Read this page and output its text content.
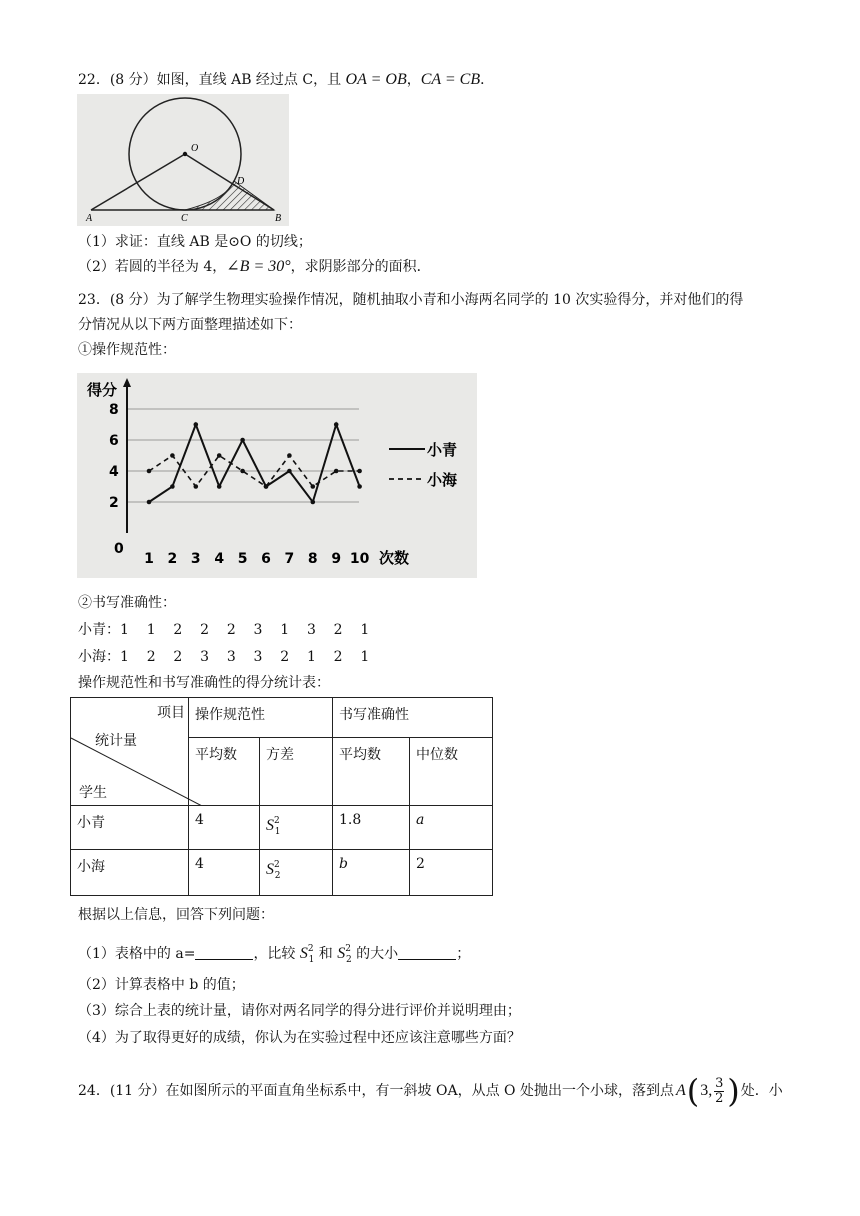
22．(8 分）如图，直线 AB 经过点 C，且 OA = OB，CA = CB．
O
D
A	C	B
（1）求证：直线 AB 是⊙O 的切线；
（2）若圆的半径为 4，∠B = 30°，求阴影部分的面积．
23．(8 分）为了解学生物理实验操作情况，随机抽取小青和小海两名同学的 10 次实验得分，并对他们的得
分情况从以下两方面整理描述如下：
①操作规范性：
得分
次数
0
2
4
6
8
1 2 3 4 5 6 7 8 9 10
小青
小海
②书写准确性：
小青：1    1    2    2    2    3    1    3    2    1
小海：1    2    2    3    3    3    2    1    2    1
操作规范性和书写准确性的得分统计表：
项目
统计量
学生	操作规范性		书写准确性	
	平均数	方差	平均数	中位数
小青	4	$S^2_1$	1.8	a
小海	4	$S^2_2$	b	2
根据以上信息，回答下列问题：
（1）表格中的 a=	，比较 $S^2_1$ 和 $S^2_2$ 的大小	；
（2）计算表格中 b 的值；
（3）综合上表的统计量，请你对两名同学的得分进行评价并说明理由；
（4）为了取得更好的成绩，你认为在实验过程中还应该注意哪些方面？
24．(11 分）在如图所示的平面直角坐标系中，有一斜坡 OA，从点 O 处抛出一个小球，落到点 A ( 3, 3
2 ) 处．小
